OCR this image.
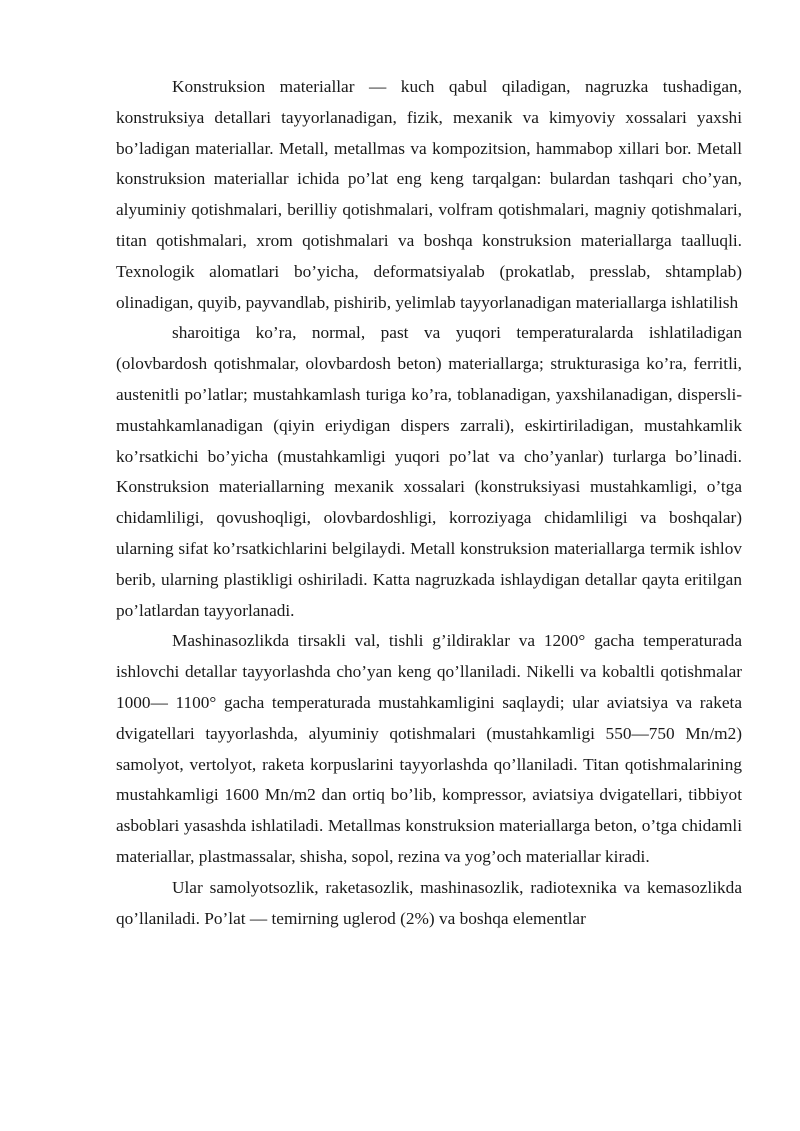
Konstruksion materiallar — kuch qabul qiladigan, nagruzka tushadigan, konstruksiya detallari tayyorlanadigan, fizik, mexanik va kimyoviy xossalari yaxshi bo’ladigan materiallar. Metall, metallmas va kompozitsion, hammabop xillari bor. Metall konstruksion materiallar ichida po’lat eng keng tarqalgan: bulardan tashqari cho’yan, alyuminiy qotishmalari, berilliy qotishmalari, volfram qotishmalari, magniy qotishmalari, titan qotishmalari, xrom qotishmalari va boshqa konstruksion materiallarga taalluqli. Texnologik alomatlari bo’yicha, deformatsiyalab (prokatlab, presslab, shtamplab) olinadigan, quyib, payvandlab, pishirib, yelimlab tayyorlanadigan materiallarga ishlatilish

sharoitiga ko’ra, normal, past va yuqori temperaturalarda ishlatiladigan (olovbardosh qotishmalar, olovbardosh beton) materiallarga; strukturasiga ko’ra, ferritli, austenitli po’latlar; mustahkamlash turiga ko’ra, toblanadigan, yaxshilanadigan, dispersli-mustahkamlanadigan (qiyin eriydigan dispers zarrali), eskirtiriladigan, mustahkamlik ko’rsatkichi bo’yicha (mustahkamligi yuqori po’lat va cho’yanlar) turlarga bo’linadi. Konstruksion materiallarning mexanik xossalari (konstruksiyasi mustahkamligi, o’tga chidamliligi, qovushoqligi, olovbardoshligi, korroziyaga chidamliligi va boshqalar) ularning sifat ko’rsatkichlarini belgilaydi. Metall konstruksion materiallarga termik ishlov berib, ularning plastikligi oshiriladi. Katta nagruzkada ishlaydigan detallar qayta eritilgan po’latlardan tayyorlanadi.

Mashinasozlikda tirsakli val, tishli g’ildiraklar va 1200° gacha temperaturada ishlovchi detallar tayyorlashda cho’yan keng qo’llaniladi. Nikelli va kobaltli qotishmalar 1000— 1100° gacha temperaturada mustahkamligini saqlaydi; ular aviatsiya va raketa dvigatellari tayyorlashda, alyuminiy qotishmalari (mustahkamligi 550—750 Mn/m2) samolyot, vertolyot, raketa korpuslarini tayyorlashda qo’llaniladi. Titan qotishmalarining mustahkamligi 1600 Mn/m2 dan ortiq bo’lib, kompressor, aviatsiya dvigatellari, tibbiyot asboblari yasashda ishlatiladi. Metallmas konstruksion materiallarga beton, o’tga chidamli materiallar, plastmassalar, shisha, sopol, rezina va yog’och materiallar kiradi.

Ular samolyotsozlik, raketasozlik, mashinasozlik, radiotexnika va kemasozlikda qo’llaniladi. Po’lat — temirning uglerod (2%) va boshqa elementlar
